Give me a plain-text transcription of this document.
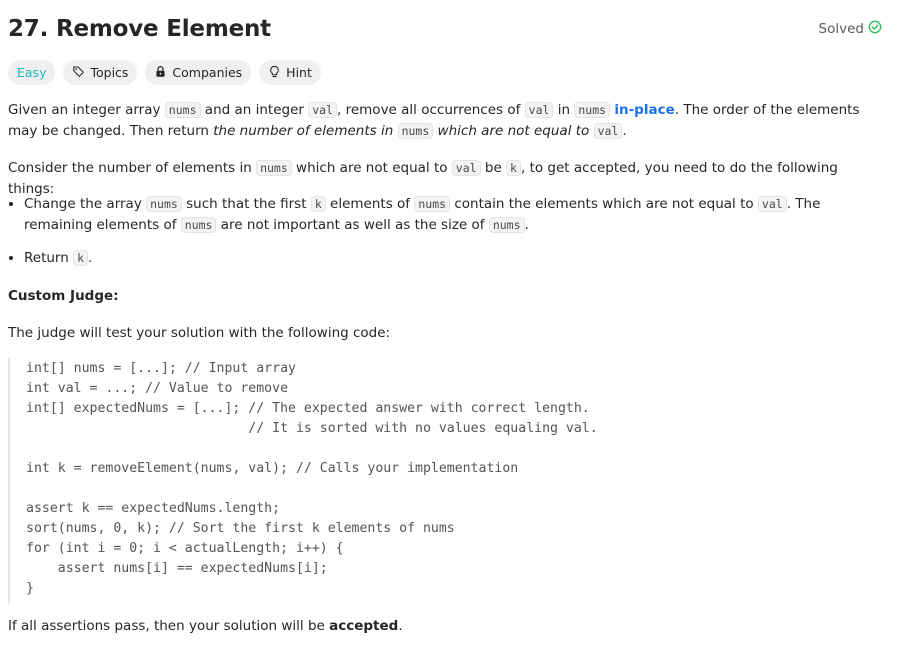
27. Remove Element	Solved
Easy	Topics	Companies	Hint

Given an integer array nums and an integer val , remove all occurrences of val in nums in-place. The order of the elements may be changed. Then return the number of elements in nums which are not equal to val .

Consider the number of elements in nums which are not equal to val be k , to get accepted, you need to do the following things:

• Change the array nums such that the first k elements of nums contain the elements which are not equal to val . The remaining elements of nums are not important as well as the size of nums .
• Return k .

Custom Judge:

The judge will test your solution with the following code:

int[] nums = [...]; // Input array
int val = ...; // Value to remove
int[] expectedNums = [...]; // The expected answer with correct length.
// It is sorted with no values equaling val.

int k = removeElement(nums, val); // Calls your implementation

assert k == expectedNums.length;
sort(nums, 0, k); // Sort the first k elements of nums
for (int i = 0; i < actualLength; i++) {
assert nums[i] == expectedNums[i];
}

If all assertions pass, then your solution will be accepted.
